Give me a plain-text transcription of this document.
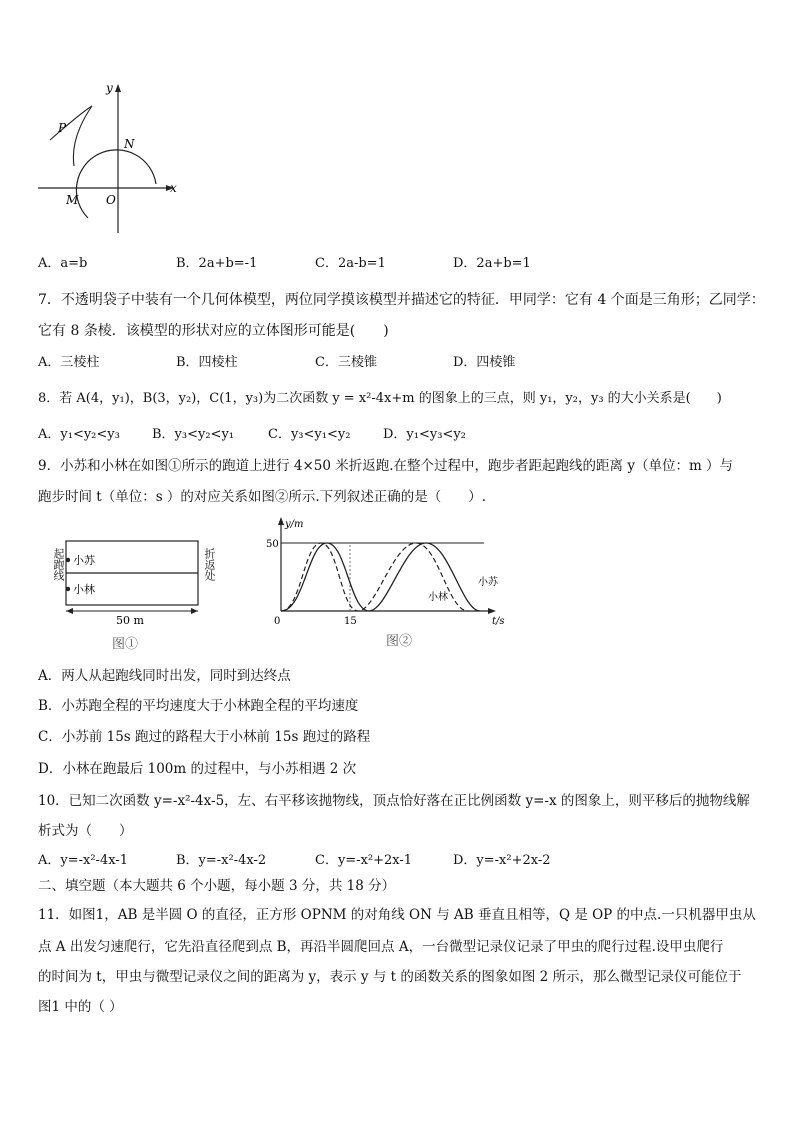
y
x
P
N
M O
A．a=b	B．2a+b=-1	C．2a-b=1	D．2a+b=1
7．不透明袋子中装有一个几何体模型，两位同学摸该模型并描述它的特征．甲同学：它有 4 个面是三角形；乙同学：
它有 8 条棱．该模型的形状对应的立体图形可能是(　　)
A．三棱柱	B．四棱柱	C．三棱锥	D．四棱锥
8．若 A(4，y₁)，B(3，y₂)，C(1，y₃)为二次函数 y = x²-4x+m 的图象上的三点，则 y₁，y₂，y₃ 的大小关系是(　　)
A．y₁<y₂<y₃ B．y₃<y₂<y₁	C．y₃<y₁<y₂	D．y₁<y₃<y₂
9．小苏和小林在如图①所示的跑道上进行 4×50 米折返跑.在整个过程中，跑步者距起跑线的距离 y（单位：m ）与
跑步时间 t（单位：s ）的对应关系如图②所示.下列叙述正确的是（　　）.
小苏
小林
50 m
图①
起跑线	折返处
y/m
50
0	15	t/s
小林
小苏
图②
A．两人从起跑线同时出发，同时到达终点
B．小苏跑全程的平均速度大于小林跑全程的平均速度
C．小苏前 15s 跑过的路程大于小林前 15s 跑过的路程
D．小林在跑最后 100m 的过程中，与小苏相遇 2 次
10．已知二次函数 y=-x²-4x-5，左、右平移该抛物线，顶点恰好落在正比例函数 y=-x 的图象上，则平移后的抛物线解
析式为（　　）
A．y=-x²-4x-1	B．y=-x²-4x-2	C．y=-x²+2x-1	D．y=-x²+2x-2
二、填空题（本大题共 6 个小题，每小题 3 分，共 18 分）
11．如图1，AB 是半圆 O 的直径，正方形 OPNM 的对角线 ON 与 AB 垂直且相等，Q 是 OP 的中点.一只机器甲虫从
点 A 出发匀速爬行，它先沿直径爬到点 B，再沿半圆爬回点 A，一台微型记录仪记录了甲虫的爬行过程.设甲虫爬行
的时间为 t，甲虫与微型记录仪之间的距离为 y，表示 y 与 t 的函数关系的图象如图 2 所示，那么微型记录仪可能位于
图1 中的（ ）
